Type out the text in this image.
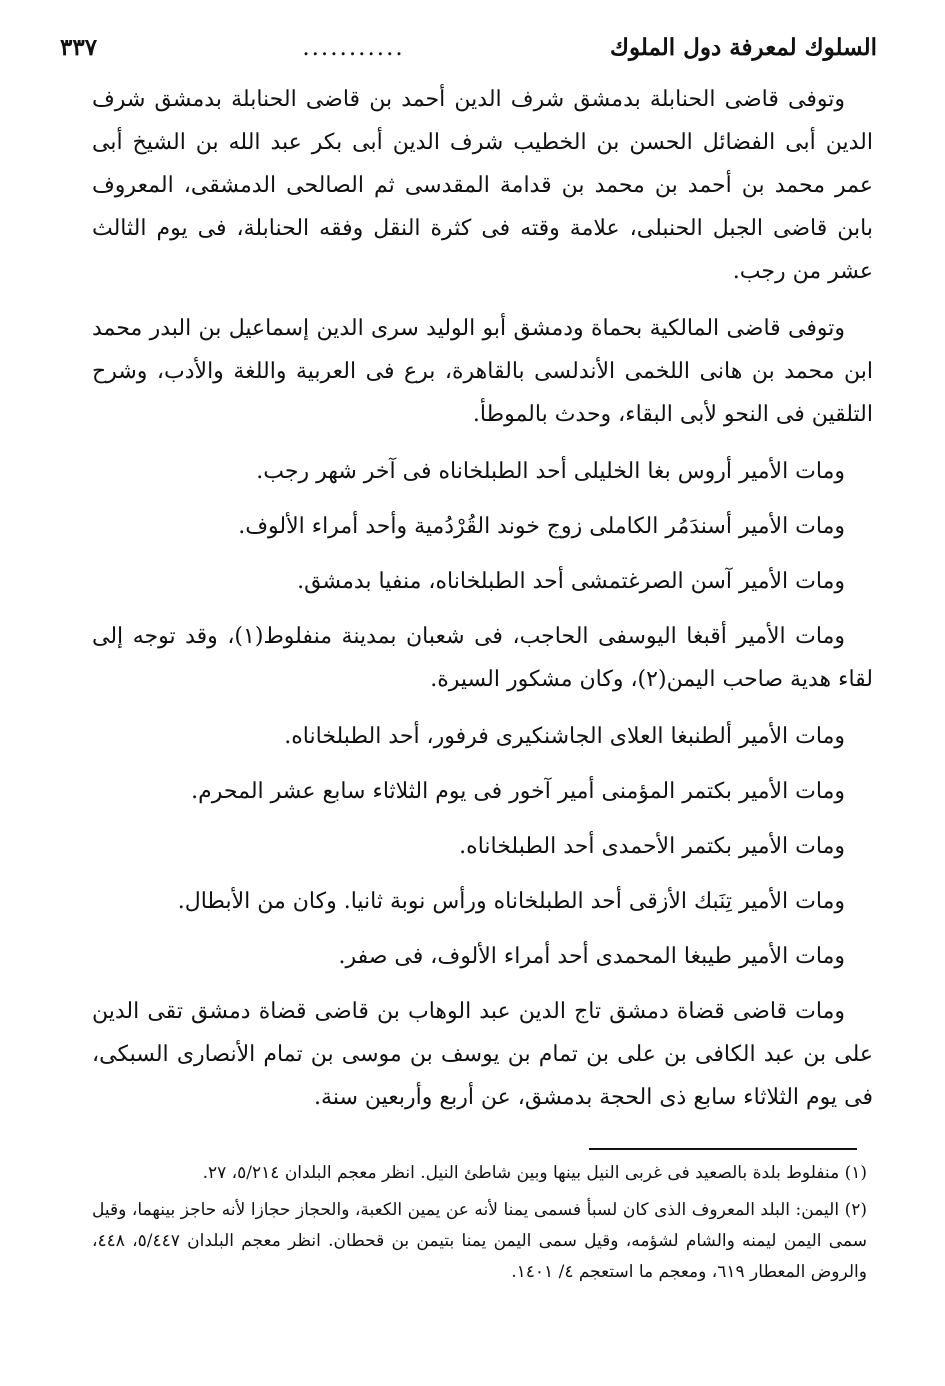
السلوك لمعرفة دول الملوك
...........
٣٣٧

وتوفى قاضى الحنابلة بدمشق شرف الدين أحمد بن قاضى الحنابلة بدمشق شرف الدين أبى الفضائل الحسن بن الخطيب شرف الدين أبى بكر عبد الله بن الشيخ أبى عمر محمد بن أحمد بن محمد بن قدامة المقدسى ثم الصالحى الدمشقى، المعروف بابن قاضى الجبل الحنبلى، علامة وقته فى كثرة النقل وفقه الحنابلة، فى يوم الثالث عشر من رجب.

وتوفى قاضى المالكية بحماة ودمشق أبو الوليد سرى الدين إسماعيل بن البدر محمد ابن محمد بن هانى اللخمى الأندلسى بالقاهرة، برع فى العربية واللغة والأدب، وشرح التلقين فى النحو لأبى البقاء، وحدث بالموطأ.

ومات الأمير أروس بغا الخليلى أحد الطبلخاناه فى آخر شهر رجب.

ومات الأمير أسندَمُر الكاملى زوج خوند القُرْدُمية وأحد أمراء الألوف.

ومات الأمير آسن الصرغتمشى أحد الطبلخاناه، منفيا بدمشق.

ومات الأمير أقبغا اليوسفى الحاجب، فى شعبان بمدينة منفلوط(١)، وقد توجه إلى لقاء هدية صاحب اليمن(٢)، وكان مشكور السيرة.

ومات الأمير ألطنبغا العلاى الجاشنكيرى فرفور، أحد الطبلخاناه.

ومات الأمير بكتمر المؤمنى أمير آخور فى يوم الثلاثاء سابع عشر المحرم.

ومات الأمير بكتمر الأحمدى أحد الطبلخاناه.

ومات الأمير تِنَبك الأزقى أحد الطبلخاناه ورأس نوبة ثانيا. وكان من الأبطال.

ومات الأمير طيبغا المحمدى أحد أمراء الألوف، فى صفر.

ومات قاضى قضاة دمشق تاج الدين عبد الوهاب بن قاضى قضاة دمشق تقى الدين على بن عبد الكافى بن على بن تمام بن يوسف بن موسى بن تمام الأنصارى السبكى، فى يوم الثلاثاء سابع ذى الحجة بدمشق، عن أربع وأربعين سنة.

(١) منفلوط بلدة بالصعيد فى غربى النيل بينها وبين شاطئ النيل. انظر معجم البلدان ٥/٢١٤، ٢٧.

(٢) اليمن: البلد المعروف الذى كان لسبأ فسمى يمنا لأنه عن يمين الكعبة، والحجاز حجازا لأنه حاجز بينهما، وقيل سمى اليمن ليمنه والشام لشؤمه، وقيل سمى اليمن يمنا بتيمن بن قحطان. انظر معجم البلدان ٥/٤٤٧، ٤٤٨، والروض المعطار ٦١٩، ومعجم ما استعجم ٤/ ١٤٠١.
